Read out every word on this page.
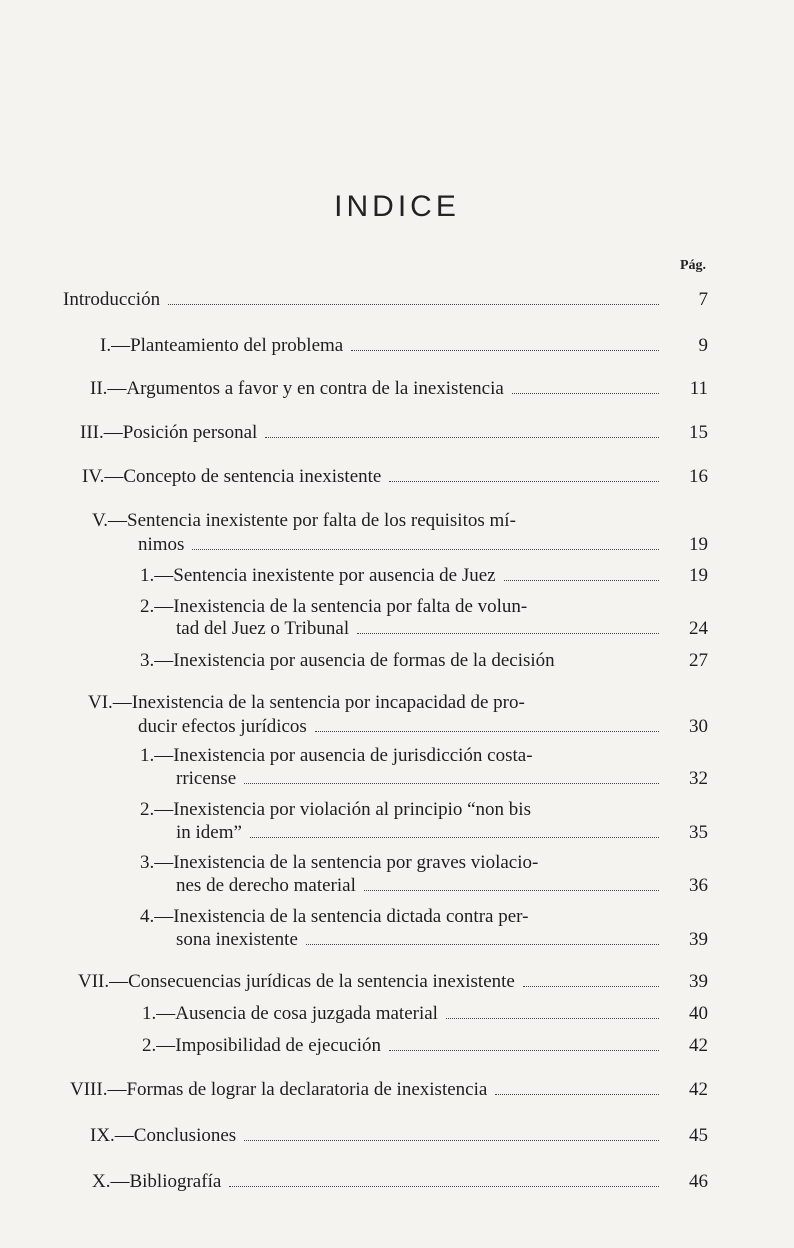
INDICE
Pág.
Introducción	7
I.—Planteamiento del problema	9
II.—Argumentos a favor y en contra de la inexistencia	11
III.—Posición personal	15
IV.—Concepto de sentencia inexistente	16
V.—Sentencia inexistente por falta de los requisitos mí-
nimos	19
1.—Sentencia inexistente por ausencia de Juez	19
2.—Inexistencia de la sentencia por falta de volun-
tad del Juez o Tribunal	24
3.—Inexistencia por ausencia de formas de la decisión	27
VI.—Inexistencia de la sentencia por incapacidad de pro-
ducir efectos jurídicos	30
1.—Inexistencia por ausencia de jurisdicción costa-
rricense	32
2.—Inexistencia por violación al principio “non bis
in idem”	35
3.—Inexistencia de la sentencia por graves violacio-
nes de derecho material	36
4.—Inexistencia de la sentencia dictada contra per-
sona inexistente	39
VII.—Consecuencias jurídicas de la sentencia inexistente	39
1.—Ausencia de cosa juzgada material	40
2.—Imposibilidad de ejecución	42
VIII.—Formas de lograr la declaratoria de inexistencia	42
IX.—Conclusiones	45
X.—Bibliografía	46
